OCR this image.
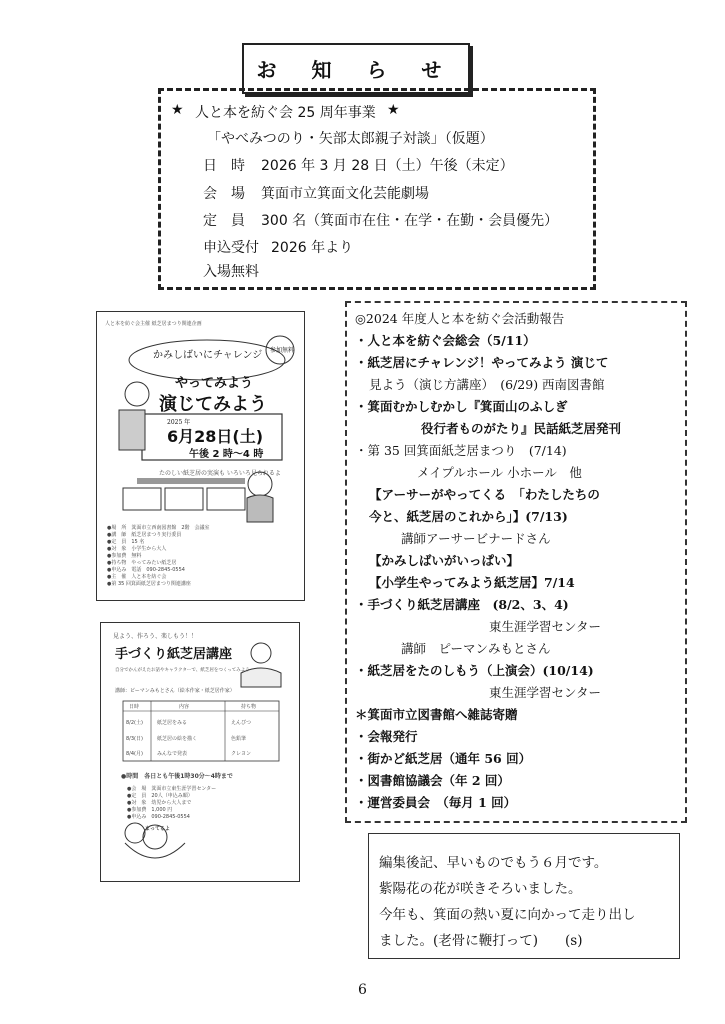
お 知 ら せ
★ 人と本を紡ぐ会 25 周年事業 ★
「やべみつのり・矢部太郎親子対談」（仮題）
日　時 2026 年 3 月 28 日（土）午後（未定）
会　場 箕面市立箕面文化芸能劇場
定　員 300 名（箕面市在住・在学・在勤・会員優先）
申込受付 2026 年より
入場無料
人と本を紡ぐ会主催 紙芝居まつり関連企画
かみしばいにチャレンジ 参加無料
やってみよう
演じてみよう
2025 年
6月28日(土)
午後 2 時〜4 時
たのしい紙芝居の実演も いろいろ見られるよ
●場　所　箕面市立西南図書館　2階　会議室
●講　師　紙芝居まつり実行委員
●定　員　15 名
●対　象　小学生から大人
●参加費　無料
●持ち物　やってみたい紙芝居
●申込み　電話　090-2845-0554
●主　催　人と本を紡ぐ会
●第 35 回箕面紙芝居まつり関連講座
見よう、作ろう、楽しもう！！
手づくり紙芝居講座
自分でかんがえたお話やキャラクターで、紙芝居をつくってみよう
講師：ピーマンみもとさん（絵本作家・紙芝居作家）
日時	内容	持ち物
8/2(土)	紙芝居をみる	えんぴつ
8/3(日)	紙芝居の絵を描く	色鉛筆
8/4(月)	みんなで発表	クレヨン
●時間　各日とも午後1時30分〜4時まで
●会　場　箕面市立東生涯学習センター
●定　員　20人（申込み順）
●対　象　幼児から大人まで
●参加費　1,000 円
●申込み　090-2845-0554
まってるよ
◎2024 年度人と本を紡ぐ会活動報告
・人と本を紡ぐ会総会（5/11）
・紙芝居にチャレンジ！やってみよう 演じて
見よう（演じ方講座）　(6/29) 西南図書館
・箕面むかしむかし『箕面山のふしぎ
役行者ものがたり』民話紙芝居発刊
・第 35 回箕面紙芝居まつり　(7/14)
メイプルホール 小ホール　他
【アーサーがやってくる　「わたしたちの
今と、紙芝居のこれから」】(7/13)
講師アーサービナードさん
【かみしばいがいっぱい】
【小学生やってみよう紙芝居】7/14
・手づくり紙芝居講座　(8/2、3、4)
東生涯学習センター
講師　ピーマンみもとさん
・紙芝居をたのしもう（上演会）(10/14)
東生涯学習センター
＊箕面市立図書館へ雑誌寄贈
・会報発行
・街かど紙芝居（通年 56 回）
・図書館協議会（年 2 回）
・運営委員会　（毎月 1 回）
編集後記、早いものでもう６月です。
紫陽花の花が咲きそろいました。
今年も、箕面の熱い夏に向かって走り出し
ました。(老骨に鞭打って)　　(s)
6
